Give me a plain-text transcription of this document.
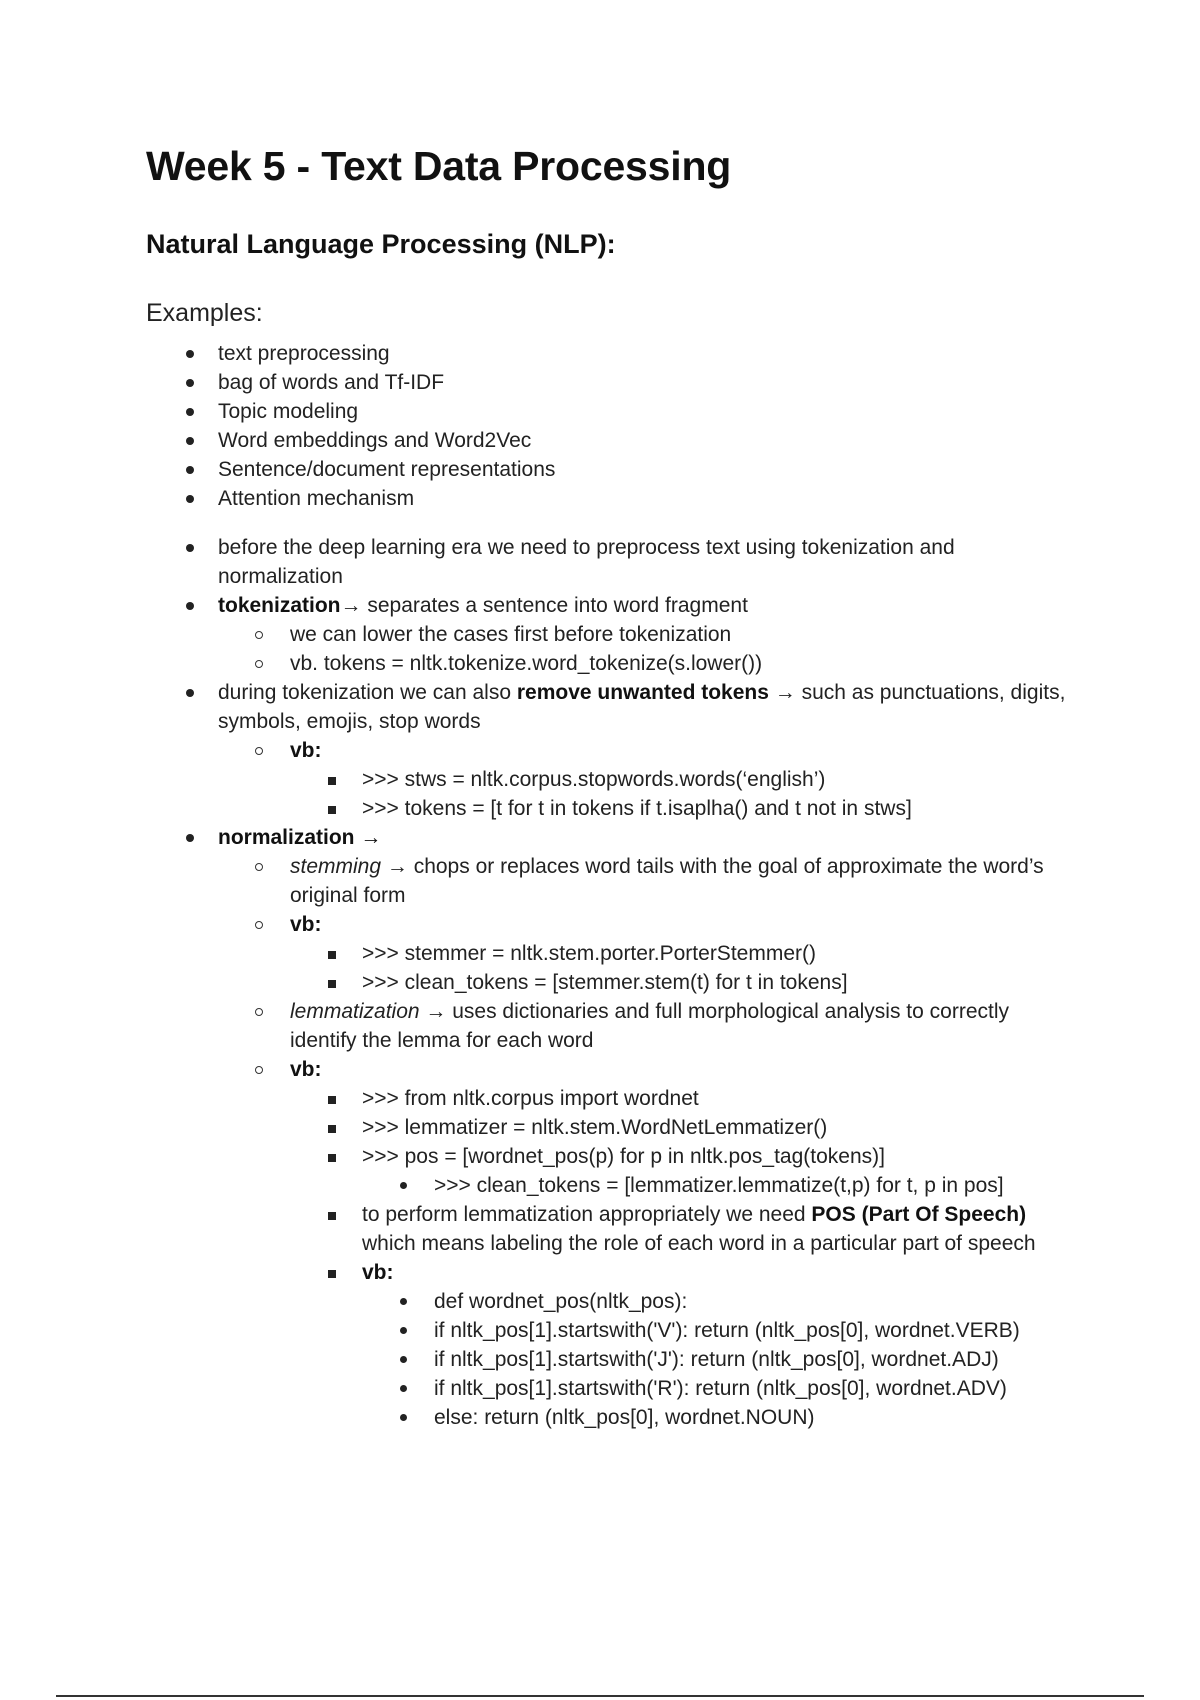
Week 5 - Text Data Processing
Natural Language Processing (NLP):
Examples:
text preprocessing
bag of words and Tf-IDF
Topic modeling
Word embeddings and Word2Vec
Sentence/document representations
Attention mechanism
before the deep learning era we need to preprocess text using tokenization and normalization
tokenization→ separates a sentence into word fragment
we can lower the cases first before tokenization
vb. tokens = nltk.tokenize.word_tokenize(s.lower())
during tokenization we can also remove unwanted tokens → such as punctuations, digits, symbols, emojis, stop words
vb:
>>> stws = nltk.corpus.stopwords.words(‘english’)
>>> tokens = [t for t in tokens if t.isaplha() and t not in stws]
normalization →
stemming → chops or replaces word tails with the goal of approximate the word’s original form
vb:
>>> stemmer = nltk.stem.porter.PorterStemmer()
>>> clean_tokens = [stemmer.stem(t) for t in tokens]
lemmatization → uses dictionaries and full morphological analysis to correctly identify the lemma for each word
vb:
>>> from nltk.corpus import wordnet
>>> lemmatizer = nltk.stem.WordNetLemmatizer()
>>> pos = [wordnet_pos(p) for p in nltk.pos_tag(tokens)]
>>> clean_tokens = [lemmatizer.lemmatize(t,p) for t, p in pos]
to perform lemmatization appropriately we need POS (Part Of Speech) which means labeling the role of each word in a particular part of speech
vb:
def wordnet_pos(nltk_pos):
if nltk_pos[1].startswith('V'): return (nltk_pos[0], wordnet.VERB)
if nltk_pos[1].startswith('J'): return (nltk_pos[0], wordnet.ADJ)
if nltk_pos[1].startswith('R'): return (nltk_pos[0], wordnet.ADV)
else: return (nltk_pos[0], wordnet.NOUN)
